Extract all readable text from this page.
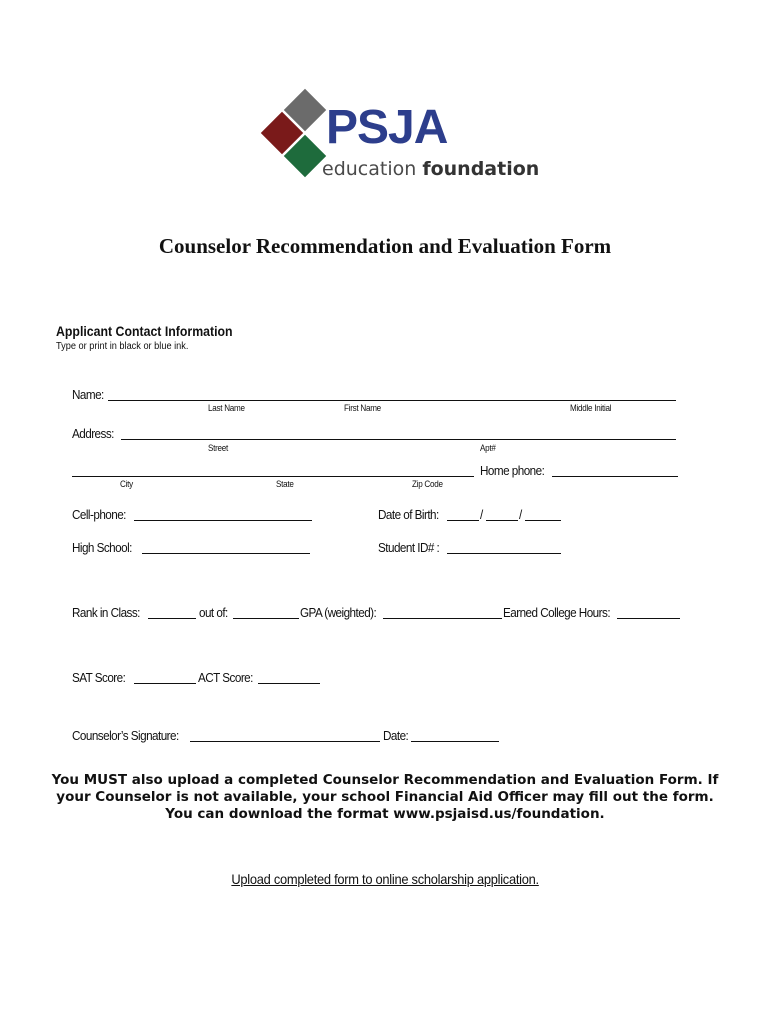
PSJA
education foundation
Counselor Recommendation and Evaluation Form
Applicant Contact Information
Type or print in black or blue ink.
Name:
Last Name	First Name	Middle Initial
Address:
Street	Apt#
Home phone:
City	State	Zip Code
Cell-phone:	Date of Birth:	/	/
High School:	Student ID# :
Rank in Class:	out of:	GPA (weighted):	Earned College Hours:
SAT Score:	ACT Score:
Counselor’s Signature:	Date:
You MUST also upload a completed Counselor Recommendation and Evaluation Form. If your Counselor is not available, your school Financial Aid Officer may fill out the form. You can download the format www.psjaisd.us/foundation.
Upload completed form to online scholarship application.
